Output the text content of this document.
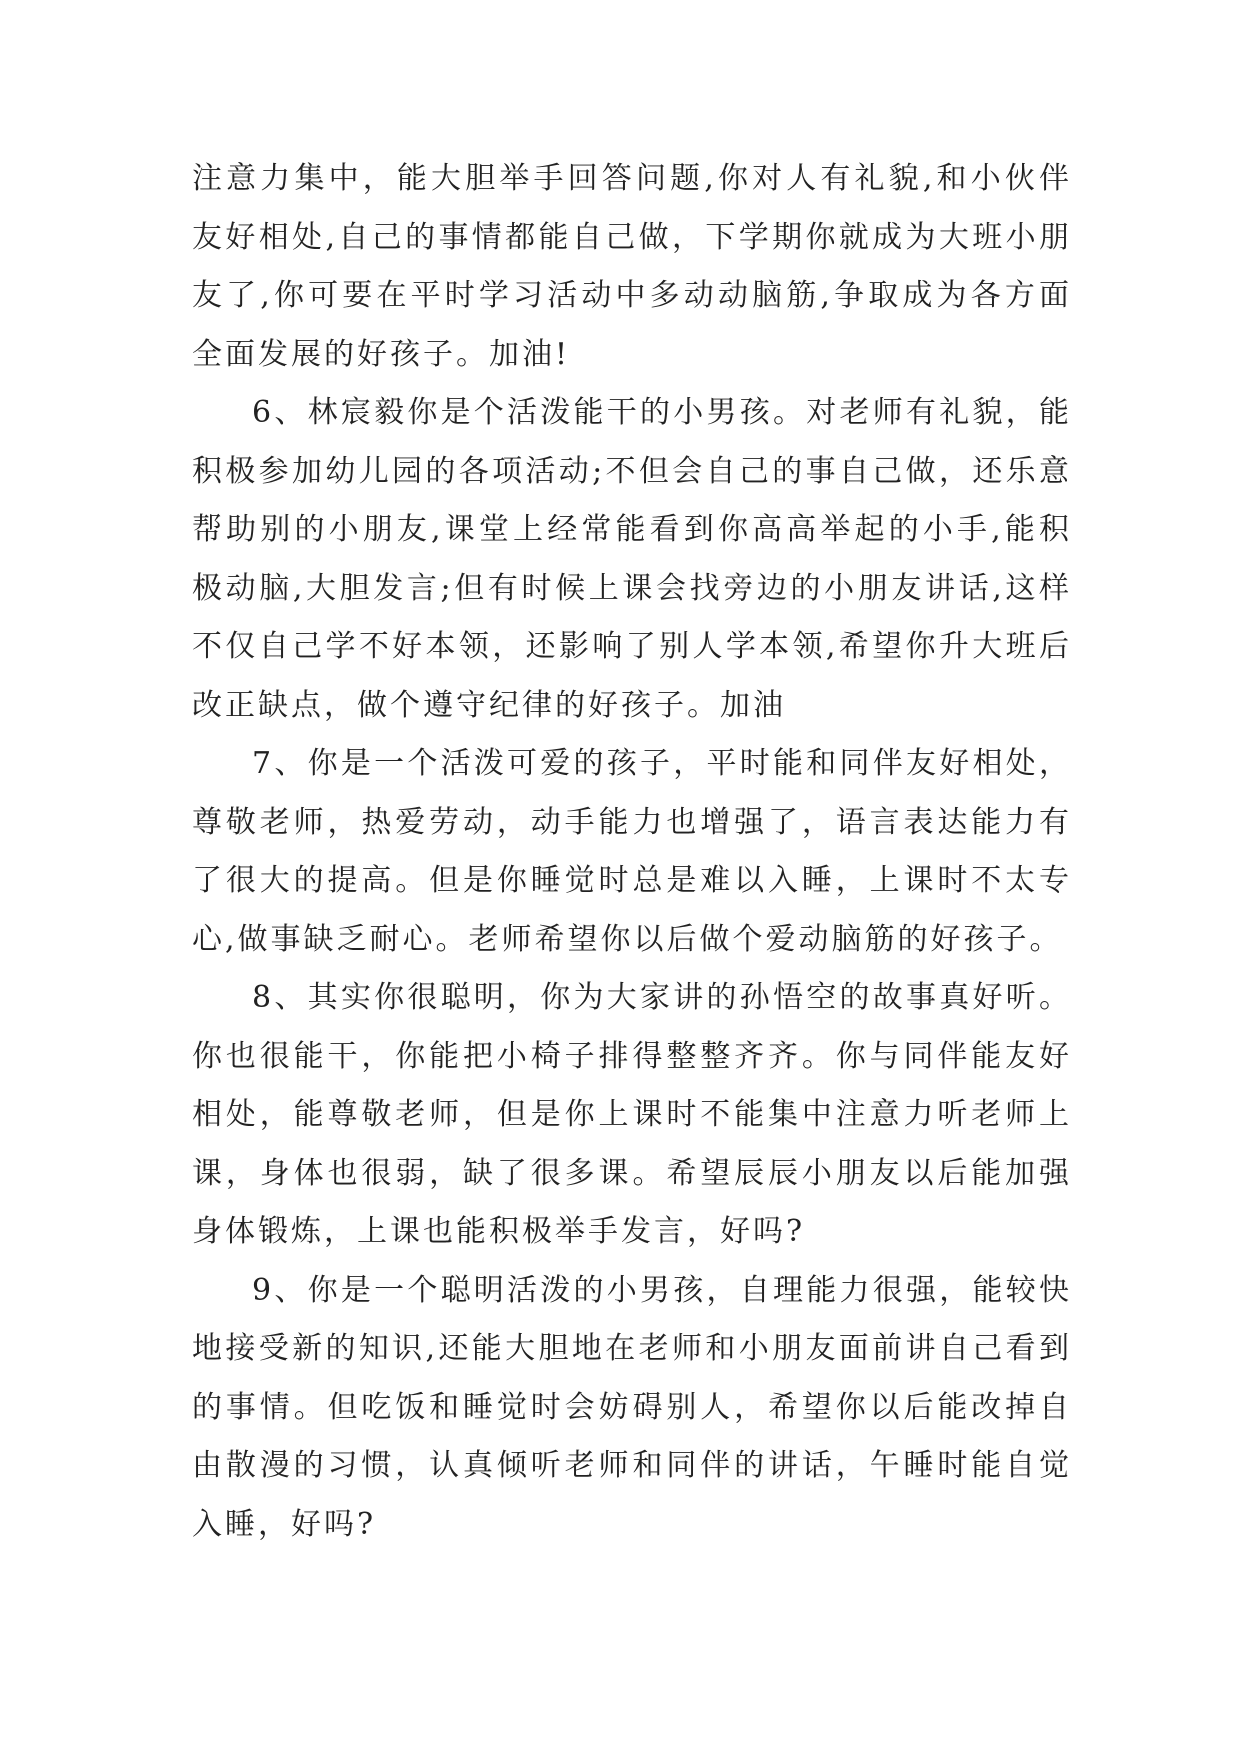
注意力集中，能大胆举手回答问题,你对人有礼貌,和小伙伴友好相处,自己的事情都能自己做，下学期你就成为大班小朋友了,你可要在平时学习活动中多动动脑筋,争取成为各方面全面发展的好孩子。加油!

6、林宸毅你是个活泼能干的小男孩。对老师有礼貌，能积极参加幼儿园的各项活动;不但会自己的事自己做，还乐意帮助别的小朋友,课堂上经常能看到你高高举起的小手,能积极动脑,大胆发言;但有时候上课会找旁边的小朋友讲话,这样不仅自己学不好本领，还影响了别人学本领,希望你升大班后改正缺点，做个遵守纪律的好孩子。加油

7、你是一个活泼可爱的孩子，平时能和同伴友好相处，尊敬老师，热爱劳动，动手能力也增强了，语言表达能力有了很大的提高。但是你睡觉时总是难以入睡，上课时不太专心,做事缺乏耐心。老师希望你以后做个爱动脑筋的好孩子。

8、其实你很聪明，你为大家讲的孙悟空的故事真好听。你也很能干，你能把小椅子排得整整齐齐。你与同伴能友好相处，能尊敬老师，但是你上课时不能集中注意力听老师上课，身体也很弱，缺了很多课。希望辰辰小朋友以后能加强身体锻炼，上课也能积极举手发言，好吗?

9、你是一个聪明活泼的小男孩，自理能力很强，能较快地接受新的知识,还能大胆地在老师和小朋友面前讲自己看到的事情。但吃饭和睡觉时会妨碍别人，希望你以后能改掉自由散漫的习惯，认真倾听老师和同伴的讲话，午睡时能自觉入睡，好吗?
